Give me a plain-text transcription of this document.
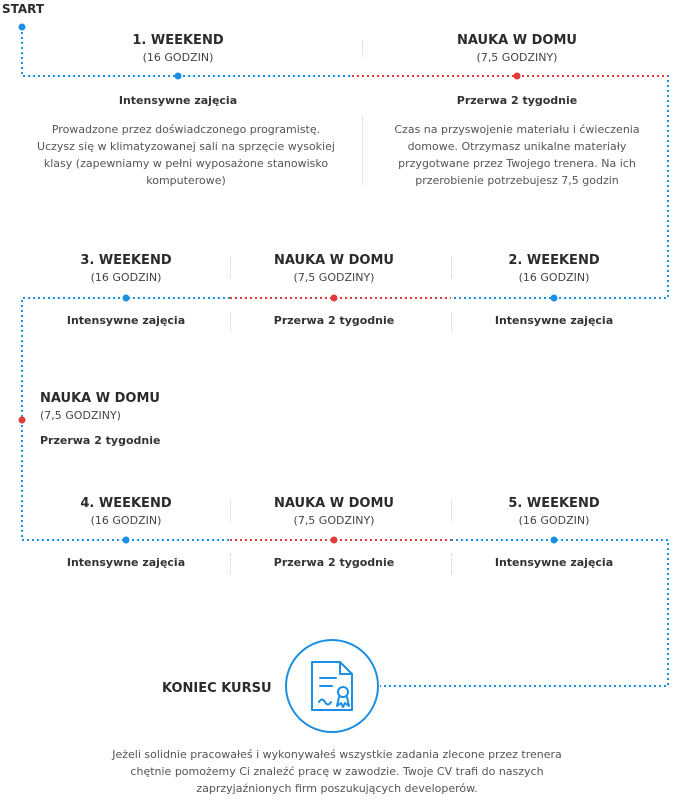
START
1. WEEKEND
(16 GODZIN)
Intensywne zajęcia
Prowadzone przez doświadczonego programistę.
Uczysz się w klimatyzowanej sali na sprzęcie wysokiej
klasy (zapewniamy w pełni wyposażone stanowisko
komputerowe)
NAUKA W DOMU
(7,5 GODZINY)
Przerwa 2 tygodnie
Czas na przyswojenie materiału i ćwieczenia
domowe. Otrzymasz unikalne materiały
przygotwane przez Twojego trenera. Na ich
przerobienie potrzebujesz 7,5 godzin
3. WEEKEND
(16 GODZIN)
Intensywne zajęcia
NAUKA W DOMU
(7,5 GODZINY)
Przerwa 2 tygodnie
2. WEEKEND
(16 GODZIN)
Intensywne zajęcia
NAUKA W DOMU
(7,5 GODZINY)
Przerwa 2 tygodnie
4. WEEKEND
(16 GODZIN)
Intensywne zajęcia
NAUKA W DOMU
(7,5 GODZINY)
Przerwa 2 tygodnie
5. WEEKEND
(16 GODZIN)
Intensywne zajęcia
KONIEC KURSU
Jeżeli solidnie pracowałeś i wykonywałeś wszystkie zadania zlecone przez trenera
chętnie pomożemy Ci znaleźć pracę w zawodzie. Twoje CV trafi do naszych
zaprzyjaźnionych firm poszukujących developerów.
